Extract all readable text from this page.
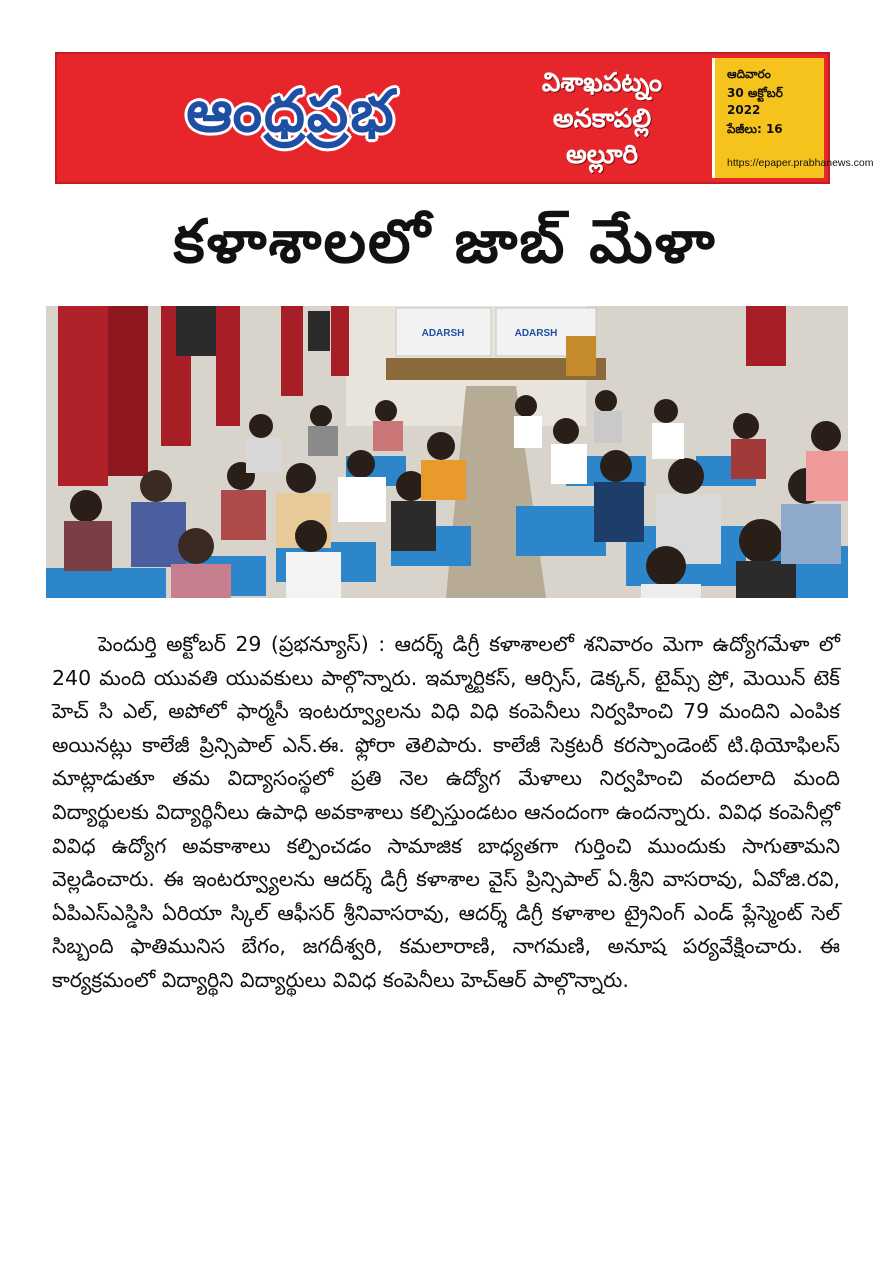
ఆంధ్రప్రభ	విశాఖపట్నం
అనకాపల్లి
అల్లూరి
ఆదివారం
30 అక్టోబర్ 2022
పేజీలు: 16
https://epaper.prabhanews.com
కళాశాలలో జాబ్ మేళా
ADARSH
ADARSH
పెందుర్తి అక్టోబర్ 29 (ప్రభన్యూస్) : ఆదర్శ్ డిగ్రీ కళాశాలలో శనివారం మెగా ఉద్యోగమేళా లో 240 మంది యువతి యువకులు పాల్గొన్నారు. ఇమ్మార్టికస్, ఆర్సిస్, డెక్కన్, టైమ్స్ ప్రో, మెయిన్ టెక్ హెచ్ సి ఎల్, అపోలో ఫార్మసీ ఇంటర్వ్యూలను విధి విధి కంపెనీలు నిర్వహించి 79 మందిని ఎంపిక అయినట్లు కాలేజీ ప్రిన్సిపాల్ ఎన్.ఈ. ఫ్లోరా తెలిపారు. కాలేజీ సెక్రటరీ కరస్పాండెంట్ టి.థియోఫిలస్ మాట్లాడుతూ తమ విద్యాసంస్థలో ప్రతి నెల ఉద్యోగ మేళాలు నిర్వహించి వందలాది మంది విద్యార్థులకు విద్యార్థినీలు ఉపాధి అవకాశాలు కల్పిస్తుండటం ఆనందంగా ఉందన్నారు. వివిధ కంపెనీల్లో వివిధ ఉద్యోగ అవకాశాలు కల్పించడం సామాజిక బాధ్యతగా గుర్తించి ముందుకు సాగుతామని వెల్లడించారు. ఈ ఇంటర్వ్యూలను ఆదర్శ్ డిగ్రీ కళాశాల వైస్ ప్రిన్సిపాల్ ఏ.శ్రీని వాసరావు, ఏవోజి.రవి, ఏపిఎస్ఎస్డిసి ఏరియా స్కిల్ ఆఫీసర్ శ్రీనివాసరావు, ఆదర్శ్ డిగ్రీ కళాశాల ట్రైనింగ్ ఎండ్ ప్లేస్మెంట్ సెల్ సిబ్బంది ఫాతిమునిస బేగం, జగదీశ్వరి, కమలారాణి, నాగమణి, అనూష పర్యవేక్షించారు. ఈ కార్యక్రమంలో విద్యార్థిని విద్యార్థులు వివిధ కంపెనీలు హెచ్ఆర్ పాల్గొన్నారు.
